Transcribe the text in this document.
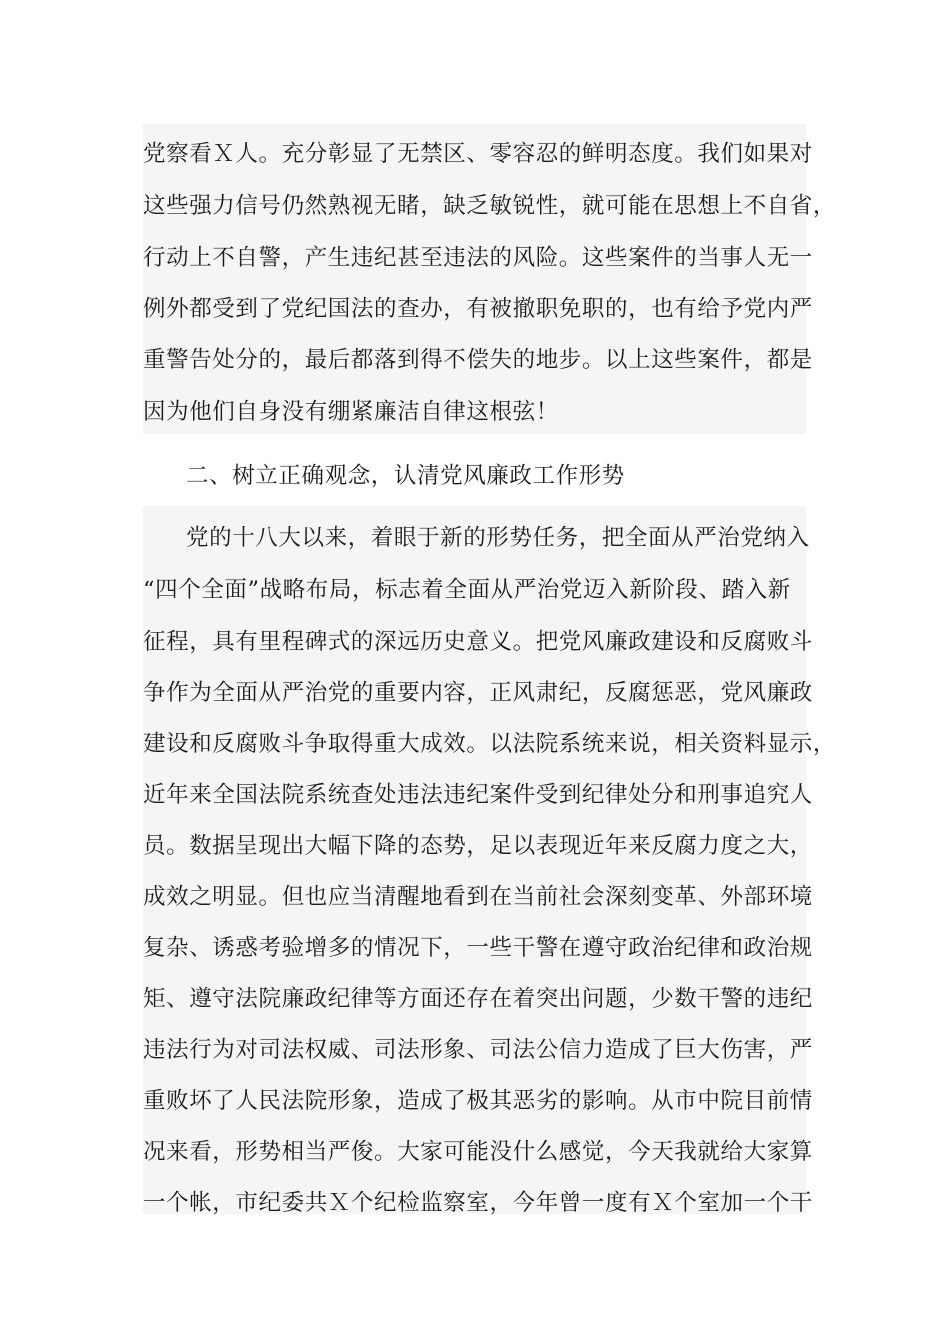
党察看Ｘ人。充分彰显了无禁区、零容忍的鲜明态度。我们如果对
这些强力信号仍然熟视无睹，缺乏敏锐性，就可能在思想上不自省，
行动上不自警，产生违纪甚至违法的风险。这些案件的当事人无一
例外都受到了党纪国法的查办，有被撤职免职的，也有给予党内严
重警告处分的，最后都落到得不偿失的地步。以上这些案件，都是
因为他们自身没有绷紧廉洁自律这根弦！
二、树立正确观念，认清党风廉政工作形势
党的十八大以来，着眼于新的形势任务，把全面从严治党纳入
“四个全面”战略布局，标志着全面从严治党迈入新阶段、踏入新
征程，具有里程碑式的深远历史意义。把党风廉政建设和反腐败斗
争作为全面从严治党的重要内容，正风肃纪，反腐惩恶，党风廉政
建设和反腐败斗争取得重大成效。以法院系统来说，相关资料显示，
近年来全国法院系统查处违法违纪案件受到纪律处分和刑事追究人
员。数据呈现出大幅下降的态势，足以表现近年来反腐力度之大，
成效之明显。但也应当清醒地看到在当前社会深刻变革、外部环境
复杂、诱惑考验增多的情况下，一些干警在遵守政治纪律和政治规
矩、遵守法院廉政纪律等方面还存在着突出问题，少数干警的违纪
违法行为对司法权威、司法形象、司法公信力造成了巨大伤害，严
重败坏了人民法院形象，造成了极其恶劣的影响。从市中院目前情
况来看，形势相当严俊。大家可能没什么感觉，今天我就给大家算
一个帐，市纪委共Ｘ个纪检监察室，今年曾一度有Ｘ个室加一个干
